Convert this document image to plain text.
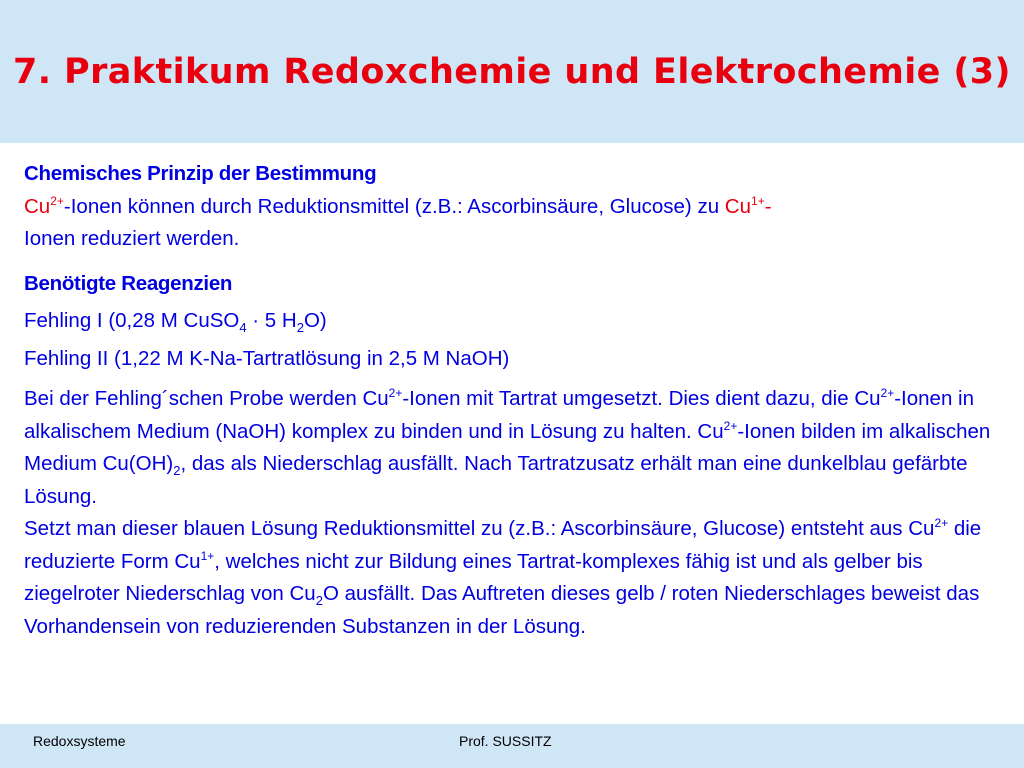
7. Praktikum Redoxchemie und Elektrochemie (3)

Chemisches Prinzip der Bestimmung

$Cu^{2+}$-Ionen können durch Reduktionsmittel (z.B.: Ascorbinsäure, Glucose) zu $Cu^{1+}-$
Ionen reduziert werden.

Benötigte Reagenzien

Fehling I (0,28 M CuSO$_4$ · 5 $H_2O$)

Fehling II (1,22 M K-Na-Tartratlösung in 2,5 M NaOH)

Bei der Fehling´schen Probe werden $Cu^{2+}$-Ionen mit Tartrat umgesetzt. Dies dient dazu, die $Cu^{2+}$-Ionen in alkalischem Medium (NaOH) komplex zu binden und in Lösung zu halten. $Cu^{2+}$-Ionen bilden im alkalischen Medium $Cu(OH)_2$, das als Niederschlag ausfällt. Nach Tartratzusatz erhält man eine dunkelblau gefärbte Lösung.

Setzt man dieser blauen Lösung Reduktionsmittel zu (z.B.: Ascorbinsäure, Glucose) entsteht aus $Cu^{2+}$ die reduzierte Form $Cu^{1+}$, welches nicht zur Bildung eines Tartrat-komplexes fähig ist und als gelber bis ziegelroter Niederschlag von $Cu_2O$ ausfällt. Das Auftreten dieses gelb / roten Niederschlages beweist das Vorhandensein von reduzierenden Substanzen in der Lösung.

Redoxsysteme	Prof. SUSSITZ
